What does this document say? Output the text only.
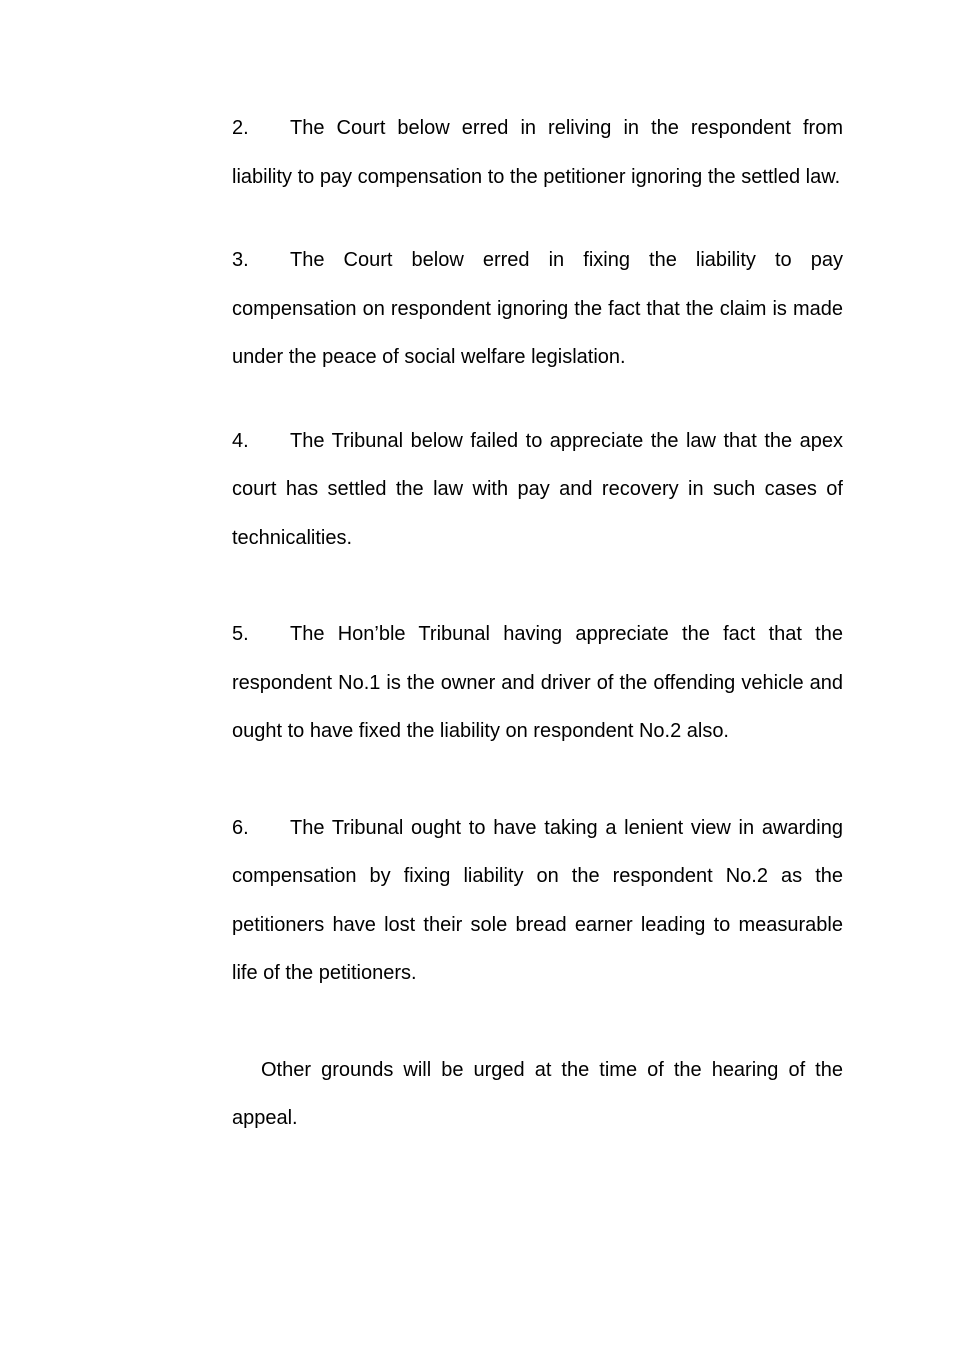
2. The Court below erred in reliving in the respondent from liability to pay compensation to the petitioner ignoring the settled law.

3. The Court below erred in fixing the liability to pay compensation on respondent ignoring the fact that the claim is made under the peace of social welfare legislation.

4. The Tribunal below failed to appreciate the law that the apex court has settled the law with pay and recovery in such cases of technicalities.

5. The Hon’ble Tribunal having appreciate the fact that the respondent No.1 is the owner and driver of the offending vehicle and ought to have fixed the liability on respondent No.2 also.

6. The Tribunal ought to have taking a lenient view in awarding compensation by fixing liability on the respondent No.2 as the petitioners have lost their sole bread earner leading to measurable life of the petitioners.

Other grounds will be urged at the time of the hearing of the appeal.
